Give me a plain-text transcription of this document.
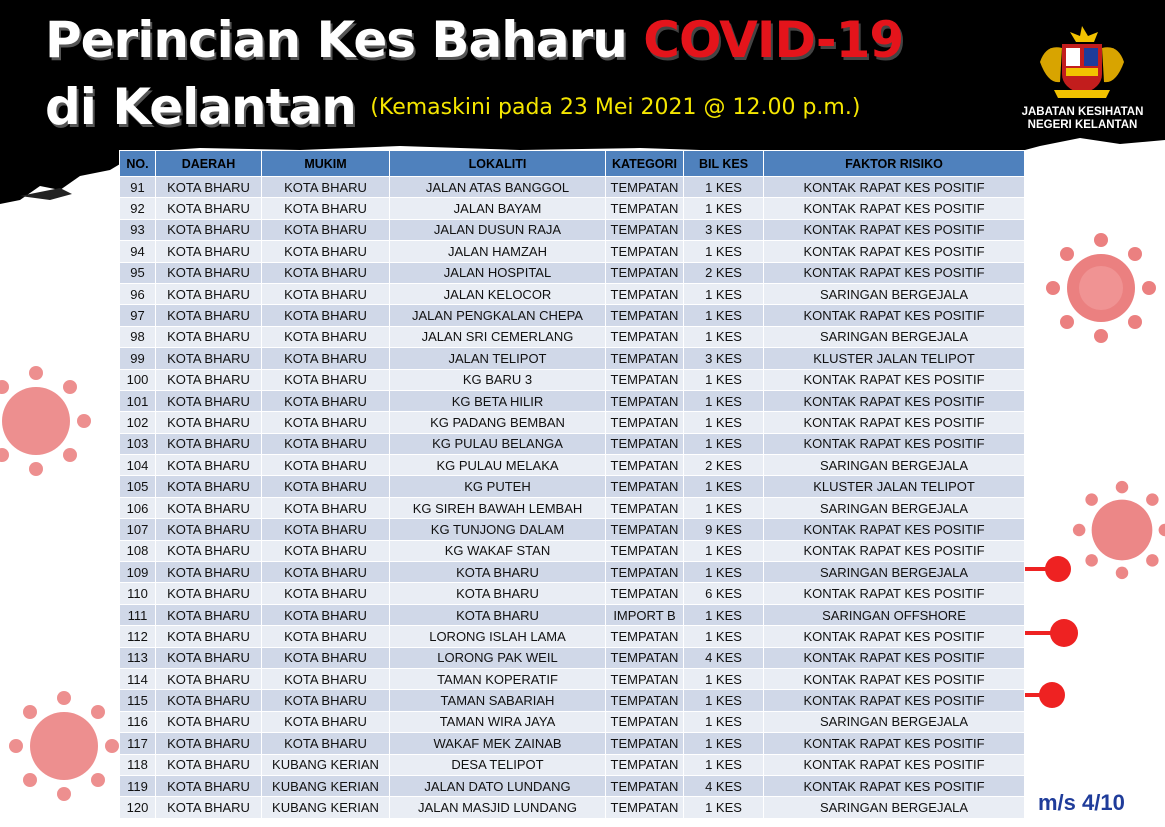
Perincian Kes Baharu COVID-19
di Kelantan (Kemaskini pada 23 Mei 2021 @ 12.00 p.m.)	JABATAN KESIHATAN NEGERI KELANTAN
NO.	DAERAH	MUKIM	LOKALITI	KATEGORI	BIL KES	FAKTOR RISIKO
91	KOTA BHARU	KOTA BHARU	JALAN ATAS BANGGOL	TEMPATAN	1 KES	KONTAK RAPAT KES POSITIF
92	KOTA BHARU	KOTA BHARU	JALAN BAYAM	TEMPATAN	1 KES	KONTAK RAPAT KES POSITIF
93	KOTA BHARU	KOTA BHARU	JALAN DUSUN RAJA	TEMPATAN	3 KES	KONTAK RAPAT KES POSITIF
94	KOTA BHARU	KOTA BHARU	JALAN HAMZAH	TEMPATAN	1 KES	KONTAK RAPAT KES POSITIF
95	KOTA BHARU	KOTA BHARU	JALAN HOSPITAL	TEMPATAN	2 KES	KONTAK RAPAT KES POSITIF
96	KOTA BHARU	KOTA BHARU	JALAN KELOCOR	TEMPATAN	1 KES	SARINGAN BERGEJALA
97	KOTA BHARU	KOTA BHARU	JALAN PENGKALAN CHEPA	TEMPATAN	1 KES	KONTAK RAPAT KES POSITIF
98	KOTA BHARU	KOTA BHARU	JALAN SRI CEMERLANG	TEMPATAN	1 KES	SARINGAN BERGEJALA
99	KOTA BHARU	KOTA BHARU	JALAN TELIPOT	TEMPATAN	3 KES	KLUSTER JALAN TELIPOT
100	KOTA BHARU	KOTA BHARU	KG BARU 3	TEMPATAN	1 KES	KONTAK RAPAT KES POSITIF
101	KOTA BHARU	KOTA BHARU	KG BETA HILIR	TEMPATAN	1 KES	KONTAK RAPAT KES POSITIF
102	KOTA BHARU	KOTA BHARU	KG PADANG BEMBAN	TEMPATAN	1 KES	KONTAK RAPAT KES POSITIF
103	KOTA BHARU	KOTA BHARU	KG PULAU BELANGA	TEMPATAN	1 KES	KONTAK RAPAT KES POSITIF
104	KOTA BHARU	KOTA BHARU	KG PULAU MELAKA	TEMPATAN	2 KES	SARINGAN BERGEJALA
105	KOTA BHARU	KOTA BHARU	KG PUTEH	TEMPATAN	1 KES	KLUSTER JALAN TELIPOT
106	KOTA BHARU	KOTA BHARU	KG SIREH BAWAH LEMBAH	TEMPATAN	1 KES	SARINGAN BERGEJALA
107	KOTA BHARU	KOTA BHARU	KG TUNJONG DALAM	TEMPATAN	9 KES	KONTAK RAPAT KES POSITIF
108	KOTA BHARU	KOTA BHARU	KG WAKAF STAN	TEMPATAN	1 KES	KONTAK RAPAT KES POSITIF
109	KOTA BHARU	KOTA BHARU	KOTA BHARU	TEMPATAN	1 KES	SARINGAN BERGEJALA
110	KOTA BHARU	KOTA BHARU	KOTA BHARU	TEMPATAN	6 KES	KONTAK RAPAT KES POSITIF
111	KOTA BHARU	KOTA BHARU	KOTA BHARU	IMPORT B	1 KES	SARINGAN OFFSHORE
112	KOTA BHARU	KOTA BHARU	LORONG ISLAH LAMA	TEMPATAN	1 KES	KONTAK RAPAT KES POSITIF
113	KOTA BHARU	KOTA BHARU	LORONG PAK WEIL	TEMPATAN	4 KES	KONTAK RAPAT KES POSITIF
114	KOTA BHARU	KOTA BHARU	TAMAN KOPERATIF	TEMPATAN	1 KES	KONTAK RAPAT KES POSITIF
115	KOTA BHARU	KOTA BHARU	TAMAN SABARIAH	TEMPATAN	1 KES	KONTAK RAPAT KES POSITIF
116	KOTA BHARU	KOTA BHARU	TAMAN WIRA JAYA	TEMPATAN	1 KES	SARINGAN BERGEJALA
117	KOTA BHARU	KOTA BHARU	WAKAF MEK ZAINAB	TEMPATAN	1 KES	KONTAK RAPAT KES POSITIF
118	KOTA BHARU	KUBANG KERIAN	DESA TELIPOT	TEMPATAN	1 KES	KONTAK RAPAT KES POSITIF
119	KOTA BHARU	KUBANG KERIAN	JALAN DATO LUNDANG	TEMPATAN	4 KES	KONTAK RAPAT KES POSITIF
120	KOTA BHARU	KUBANG KERIAN	JALAN MASJID LUNDANG	TEMPATAN	1 KES	SARINGAN BERGEJALA	m/s 4/10
